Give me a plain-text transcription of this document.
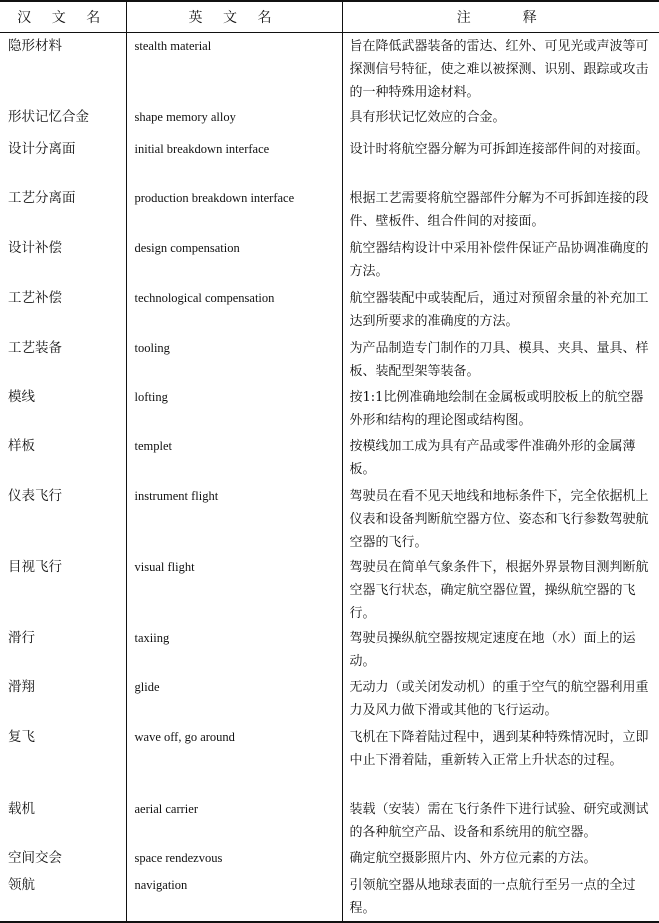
汉 文 名	英 文 名	注　　释
隐形材料	stealth material	旨在降低武器装备的雷达、红外、可见光或声波等可探测信号特征，使之难以被探测、识别、跟踪或攻击的一种特殊用途材料。
形状记忆合金	shape memory alloy	具有形状记忆效应的合金。
设计分离面	initial breakdown interface	设计时将航空器分解为可拆卸连接部件间的对接面。
工艺分离面	production breakdown interface	根据工艺需要将航空器部件分解为不可拆卸连接的段件、壁板件、组合件间的对接面。
设计补偿	design compensation	航空器结构设计中采用补偿件保证产品协调准确度的方法。
工艺补偿	technological compensation	航空器装配中或装配后，通过对预留余量的补充加工达到所要求的准确度的方法。
工艺装备	tooling	为产品制造专门制作的刀具、模具、夹具、量具、样板、装配型架等装备。
模线	lofting	按1:1比例准确地绘制在金属板或明胶板上的航空器外形和结构的理论图或结构图。
样板	templet	按模线加工成为具有产品或零件准确外形的金属薄板。
仪表飞行	instrument flight	驾驶员在看不见天地线和地标条件下，完全依据机上仪表和设备判断航空器方位、姿态和飞行参数驾驶航空器的飞行。
目视飞行	visual flight	驾驶员在简单气象条件下，根据外界景物目测判断航空器飞行状态，确定航空器位置，操纵航空器的飞行。
滑行	taxiing	驾驶员操纵航空器按规定速度在地（水）面上的运动。
滑翔	glide	无动力（或关闭发动机）的重于空气的航空器利用重力及风力做下滑或其他的飞行运动。
复飞	wave off, go around	飞机在下降着陆过程中，遇到某种特殊情况时，立即中止下滑着陆，重新转入正常上升状态的过程。
载机	aerial carrier	装载（安装）需在飞行条件下进行试验、研究或测试的各种航空产品、设备和系统用的航空器。
空间交会	space rendezvous	确定航空摄影照片内、外方位元素的方法。
领航	navigation	引领航空器从地球表面的一点航行至另一点的全过程。
